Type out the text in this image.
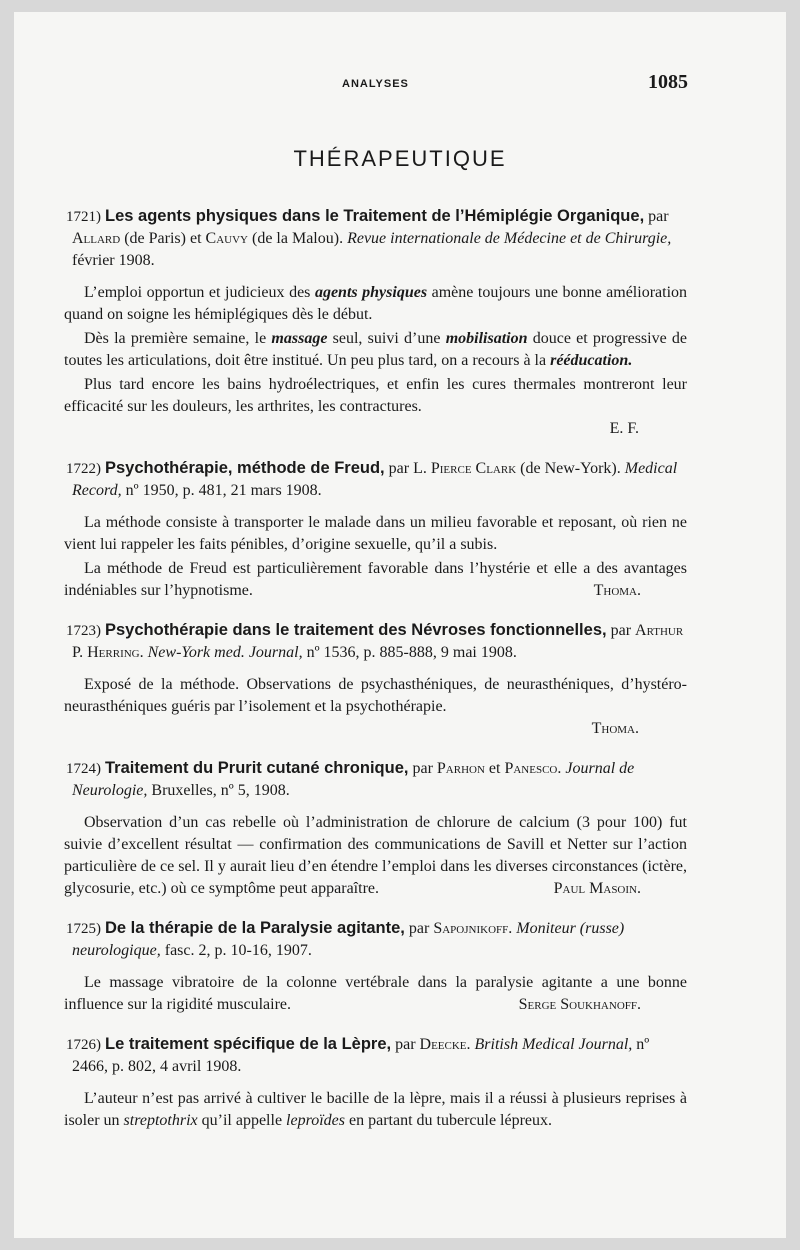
ANALYSES	1085
THÉRAPEUTIQUE
1721) Les agents physiques dans le Traitement de l’Hémiplégie Organique, par Allard (de Paris) et Cauvy (de la Malou). Revue internationale de Médecine et de Chirurgie, février 1908.
L’emploi opportun et judicieux des agents physiques amène toujours une bonne amélioration quand on soigne les hémiplégiques dès le début.
Dès la première semaine, le massage seul, suivi d’une mobilisation douce et progressive de toutes les articulations, doit être institué. Un peu plus tard, on a recours à la rééducation.
Plus tard encore les bains hydroélectriques, et enfin les cures thermales montreront leur efficacité sur les douleurs, les arthrites, les contractures.
E. F.
1722) Psychothérapie, méthode de Freud, par L. Pierce Clark (de New-York). Medical Record, nº 1950, p. 481, 21 mars 1908.
La méthode consiste à transporter le malade dans un milieu favorable et reposant, où rien ne vient lui rappeler les faits pénibles, d’origine sexuelle, qu’il a subis.
La méthode de Freud est particulièrement favorable dans l’hystérie et elle a des avantages indéniables sur l’hypnotisme.	Thoma.
1723) Psychothérapie dans le traitement des Névroses fonctionnelles, par Arthur P. Herring. New-York med. Journal, nº 1536, p. 885-888, 9 mai 1908.
Exposé de la méthode. Observations de psychasthéniques, de neurasthéniques, d’hystéro-neurasthéniques guéris par l’isolement et la psychothérapie.
Thoma.
1724) Traitement du Prurit cutané chronique, par Parhon et Panesco. Journal de Neurologie, Bruxelles, nº 5, 1908.
Observation d’un cas rebelle où l’administration de chlorure de calcium (3 pour 100) fut suivie d’excellent résultat — confirmation des communications de Savill et Netter sur l’action particulière de ce sel. Il y aurait lieu d’en étendre l’emploi dans les diverses circonstances (ictère, glycosurie, etc.) où ce symptôme peut apparaître.	Paul Masoin.
1725) De la thérapie de la Paralysie agitante, par Sapojnikoff. Moniteur (russe) neurologique, fasc. 2, p. 10-16, 1907.
Le massage vibratoire de la colonne vertébrale dans la paralysie agitante a une bonne influence sur la rigidité musculaire.	Serge Soukhanoff.
1726) Le traitement spécifique de la Lèpre, par Deecke. British Medical Journal, nº 2466, p. 802, 4 avril 1908.
L’auteur n’est pas arrivé à cultiver le bacille de la lèpre, mais il a réussi à plusieurs reprises à isoler un streptothrix qu’il appelle leproïdes en partant du tubercule lépreux.
